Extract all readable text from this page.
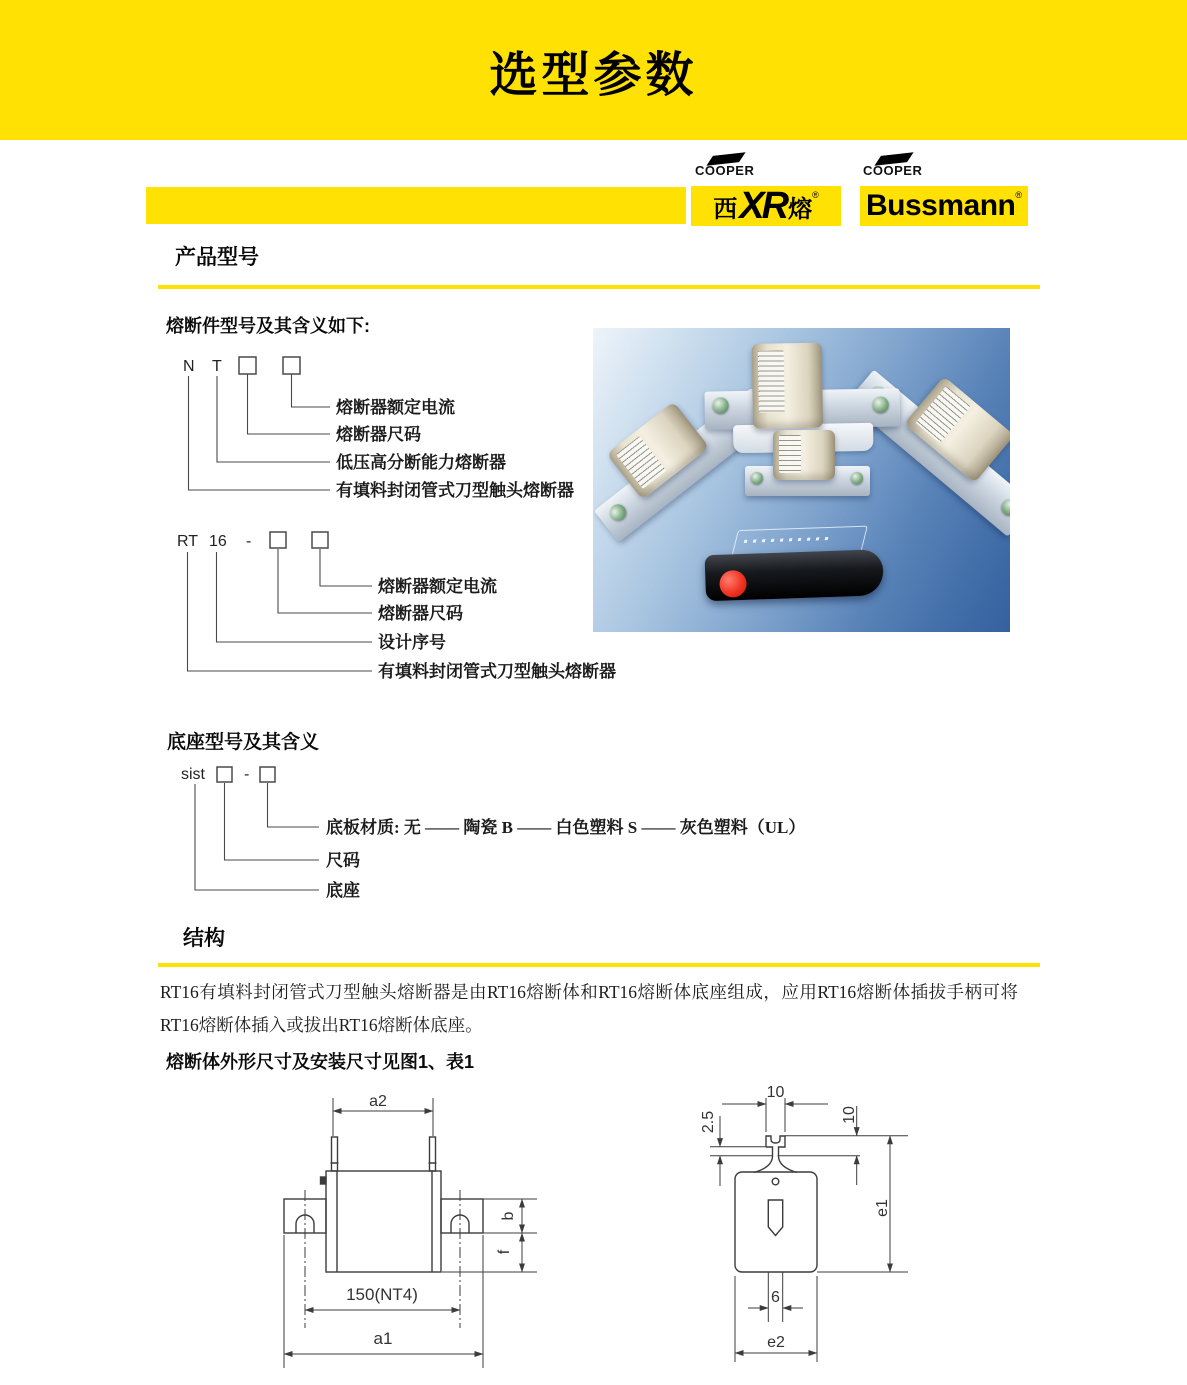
选型参数
COOPER
西 XR 熔
®
COOPER
Bussmann ®
产品型号
熔断件型号及其含义如下:
N T
熔断器额定电流
熔断器尺码
低压高分断能力熔断器
有填料封闭管式刀型触头熔断器
RT 16 -
熔断器额定电流
熔断器尺码
设计序号
有填料封闭管式刀型触头熔断器
底座型号及其含义
sist -
底板材质: 无 —— 陶瓷 B —— 白色塑料 S —— 灰色塑料（UL）
尺码
底座
结构
RT16有填料封闭管式刀型触头熔断器是由RT16熔断体和RT16熔断体底座组成，应用RT16熔断体插拔手柄可将RT16熔断体插入或拔出RT16熔断体底座。
熔断体外形尺寸及安装尺寸见图1、表1
a2
b
f
150(NT4)
a1
10
2.5	10
e1
6
e2
